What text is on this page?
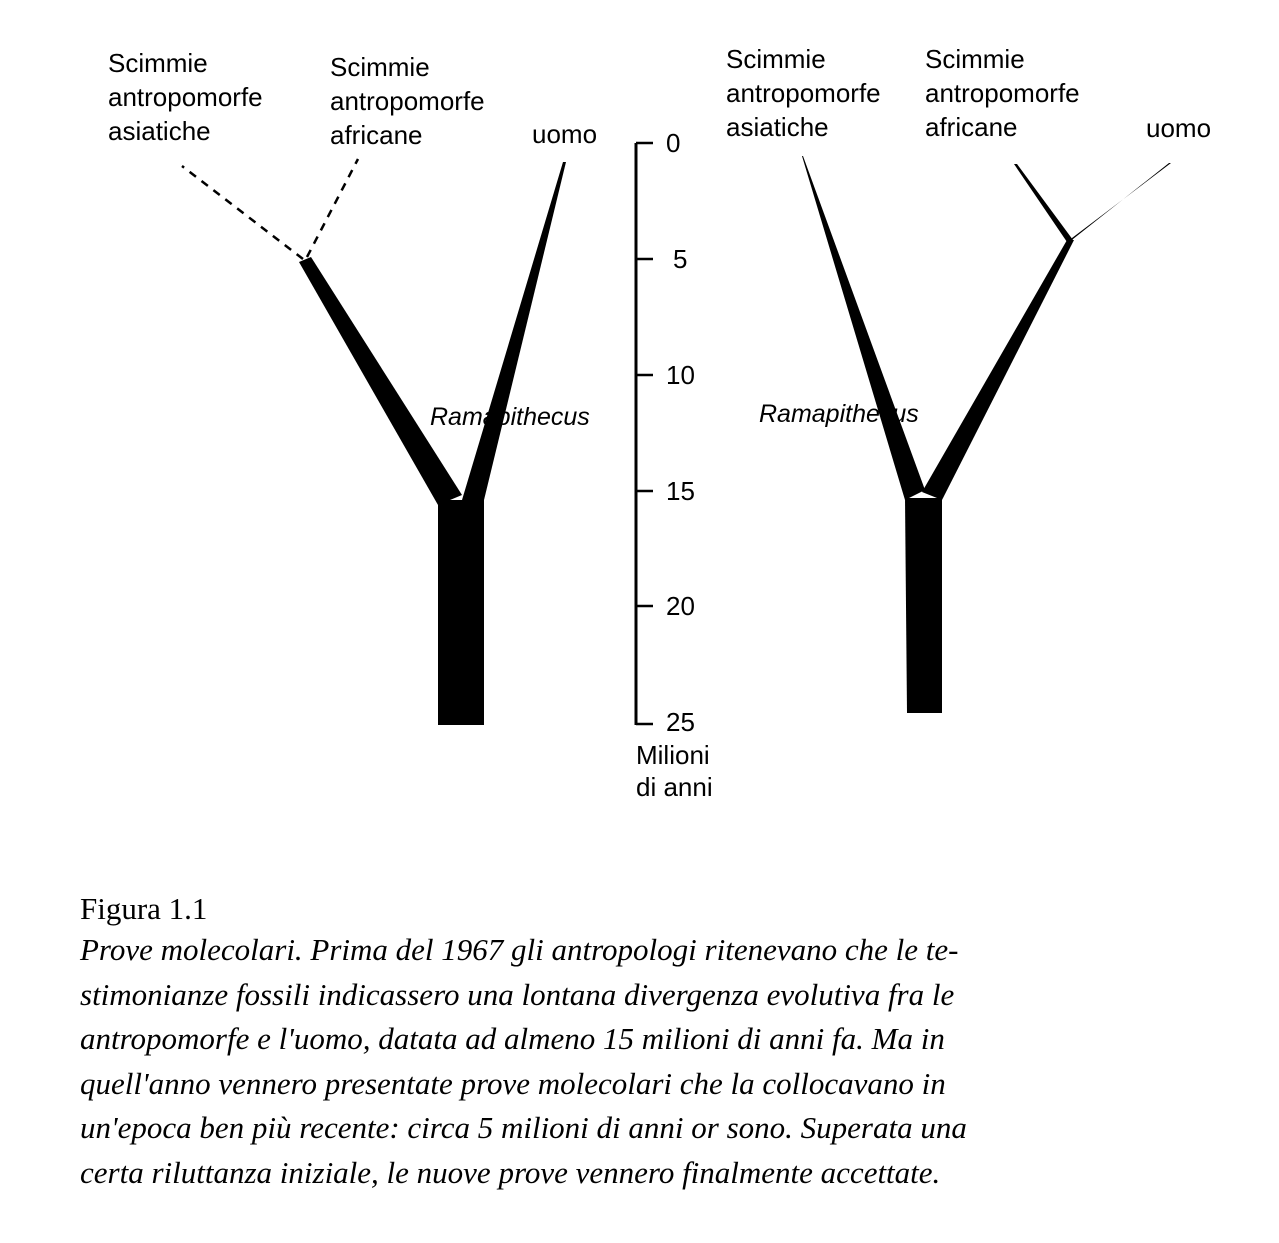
Scimmie antropomorfe asiatiche
Scimmie antropomorfe africane	uomo
Ramapithecus
0
5
10
15
20
25
Milioni di anni
Scimmie antropomorfe asiatiche
Scimmie antropomorfe africane	uomo
Ramapithecus
Figura 1.1
Prove molecolari. Prima del 1967 gli antropologi ritenevano che le te-
stimonianze fossili indicassero una lontana divergenza evolutiva fra le
antropomorfe e l'uomo, datata ad almeno 15 milioni di anni fa. Ma in
quell'anno vennero presentate prove molecolari che la collocavano in
un'epoca ben più recente: circa 5 milioni di anni or sono. Superata una
certa riluttanza iniziale, le nuove prove vennero finalmente accettate.
